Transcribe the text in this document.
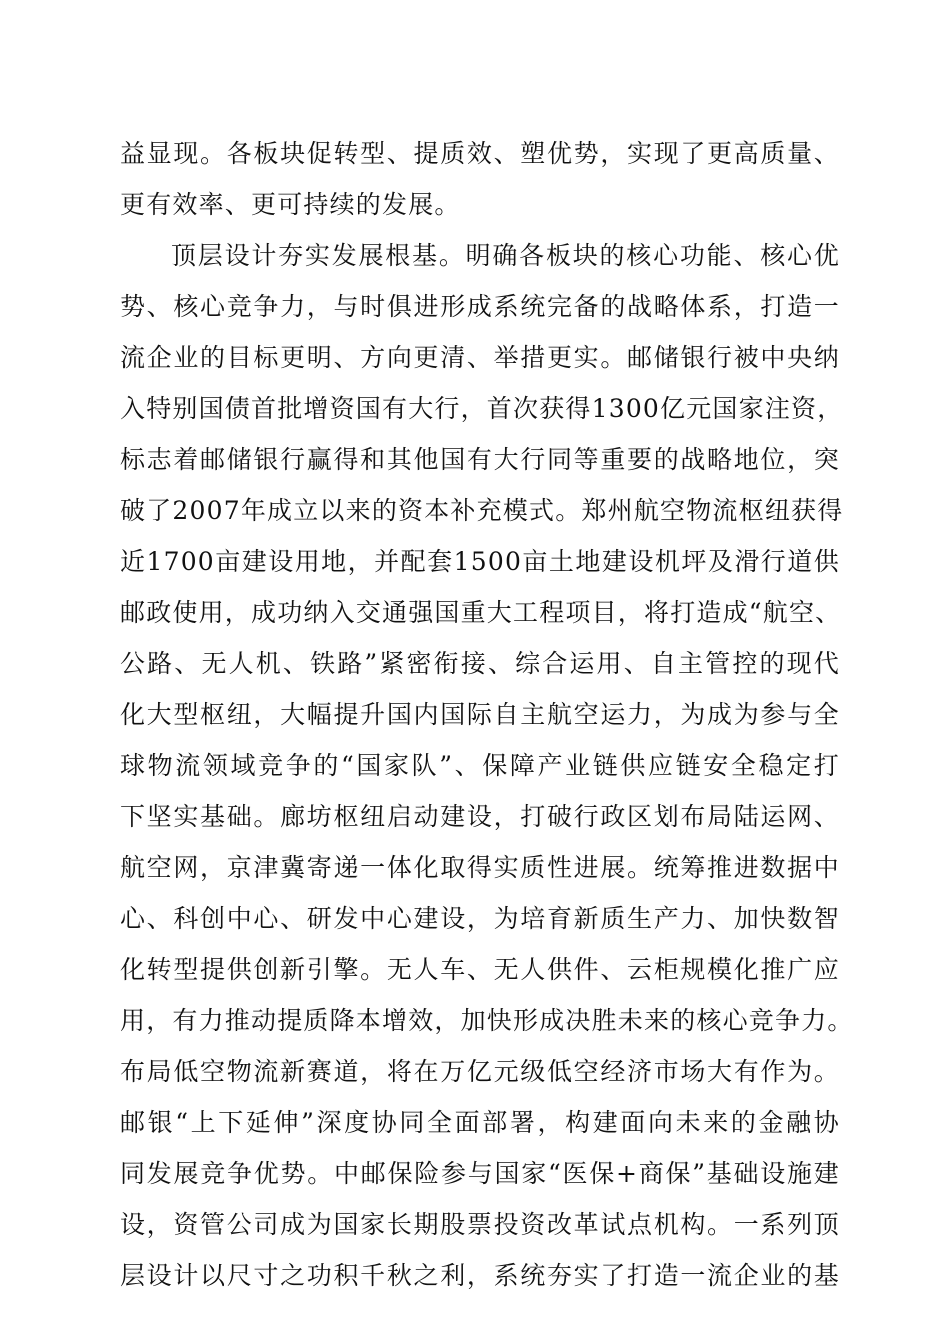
益显现。各板块促转型、提质效、塑优势，实现了更高质量、
更有效率、更可持续的发展。
顶层设计夯实发展根基。明确各板块的核心功能、核心优
势、核心竞争力，与时俱进形成系统完备的战略体系，打造一
流企业的目标更明、方向更清、举措更实。邮储银行被中央纳
入特别国债首批增资国有大行，首次获得1300亿元国家注资，
标志着邮储银行赢得和其他国有大行同等重要的战略地位，突
破了2007年成立以来的资本补充模式。郑州航空物流枢纽获得
近1700亩建设用地，并配套1500亩土地建设机坪及滑行道供
邮政使用，成功纳入交通强国重大工程项目，将打造成“航空、
公路、无人机、铁路”紧密衔接、综合运用、自主管控的现代
化大型枢纽，大幅提升国内国际自主航空运力，为成为参与全
球物流领域竞争的“国家队”、保障产业链供应链安全稳定打
下坚实基础。廊坊枢纽启动建设，打破行政区划布局陆运网、
航空网，京津冀寄递一体化取得实质性进展。统筹推进数据中
心、科创中心、研发中心建设，为培育新质生产力、加快数智
化转型提供创新引擎。无人车、无人供件、云柜规模化推广应
用，有力推动提质降本增效，加快形成决胜未来的核心竞争力。
布局低空物流新赛道，将在万亿元级低空经济市场大有作为。
邮银“上下延伸”深度协同全面部署，构建面向未来的金融协
同发展竞争优势。中邮保险参与国家“医保+商保”基础设施建
设，资管公司成为国家长期股票投资改革试点机构。一系列顶
层设计以尺寸之功积千秋之利，系统夯实了打造一流企业的基
